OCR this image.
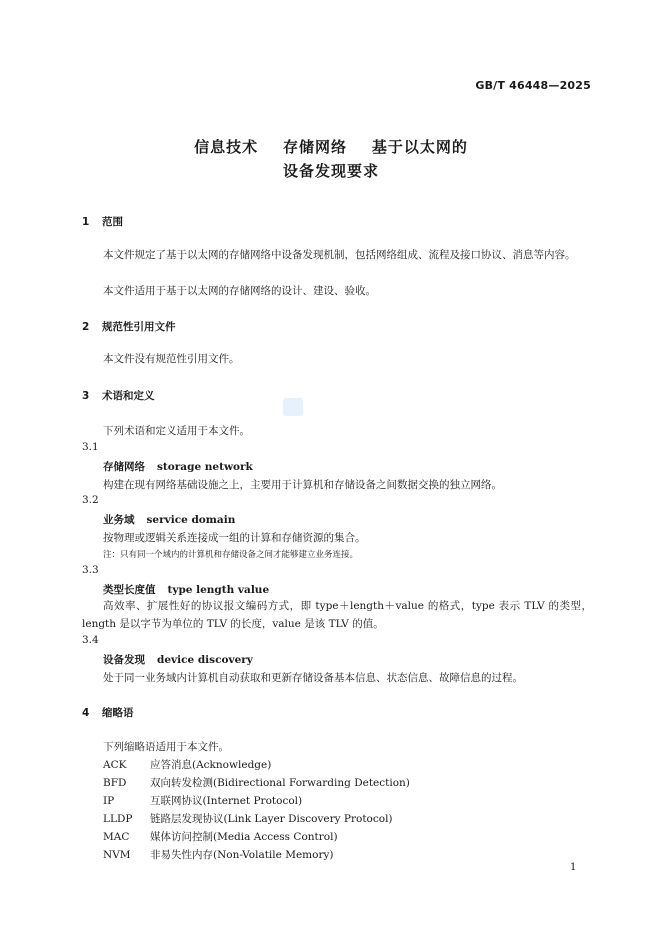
GB/T 46448—2025
信息技术    存储网络    基于以太网的
设备发现要求
1 范围
本文件规定了基于以太网的存储网络中设备发现机制，包括网络组成、流程及接口协议、消息等内容。
本文件适用于基于以太网的存储网络的设计、建设、验收。
2 规范性引用文件
本文件没有规范性引用文件。
3 术语和定义
下列术语和定义适用于本文件。
3.1
存储网络 storage network
构建在现有网络基础设施之上，主要用于计算机和存储设备之间数据交换的独立网络。
3.2
业务域 service domain
按物理或逻辑关系连接成一组的计算和存储资源的集合。
注：只有同一个域内的计算机和存储设备之间才能够建立业务连接。
3.3
类型长度值 type length value
高效率、扩展性好的协议报文编码方式，即 type＋length＋value 的格式，type 表示 TLV 的类型，length 是以字节为单位的 TLV 的长度，value 是该 TLV 的值。
3.4
设备发现 device discovery
处于同一业务域内计算机自动获取和更新存储设备基本信息、状态信息、故障信息的过程。
4 缩略语
下列缩略语适用于本文件。
ACK 应答消息(Acknowledge)
BFD 双向转发检测(Bidirectional Forwarding Detection)
IP	互联网协议(Internet Protocol)
LLDP 链路层发现协议(Link Layer Discovery Protocol)
MAC 媒体访问控制(Media Access Control)
NVM 非易失性内存(Non-Volatile Memory)
1
